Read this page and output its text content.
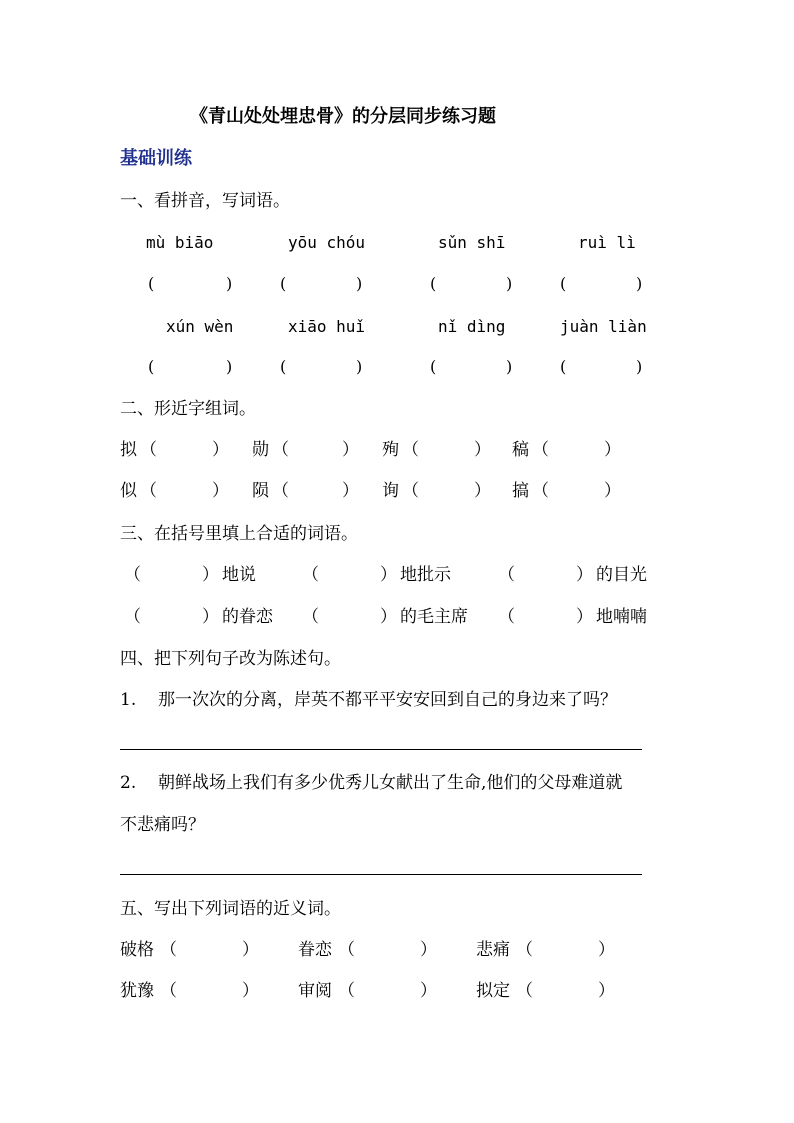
《青山处处埋忠骨》的分层同步练习题
基础训练
一、看拼音，写词语。
mù biāo	yōu chóu	sǔn shī	ruì lì
(	)	(	)	(	)	(	)
xún wèn	xiāo huǐ	nǐ dìng	juàn liàn
(	)	(	)	(	)	(	)
二、形近字组词。
拟 （	） 勋 （	） 殉 （	） 稿 （	）
似 （	） 陨 （	） 询 （	） 搞 （	）
三、在括号里填上合适的词语。
（	） 地说	（	） 地批示	（	） 的目光
（	） 的眷恋 （	） 的毛主席 （	） 地喃喃
四、把下列句子改为陈述句。
1. 那一次次的分离，岸英不都平平安安回到自己的身边来了吗？
2. 朝鲜战场上我们有多少优秀儿女献出了生命,他们的父母难道就
不悲痛吗？
五、写出下列词语的近义词。
破格 （	） 眷恋 （	） 悲痛 （	）
犹豫 （	） 审阅 （	） 拟定 （	）
